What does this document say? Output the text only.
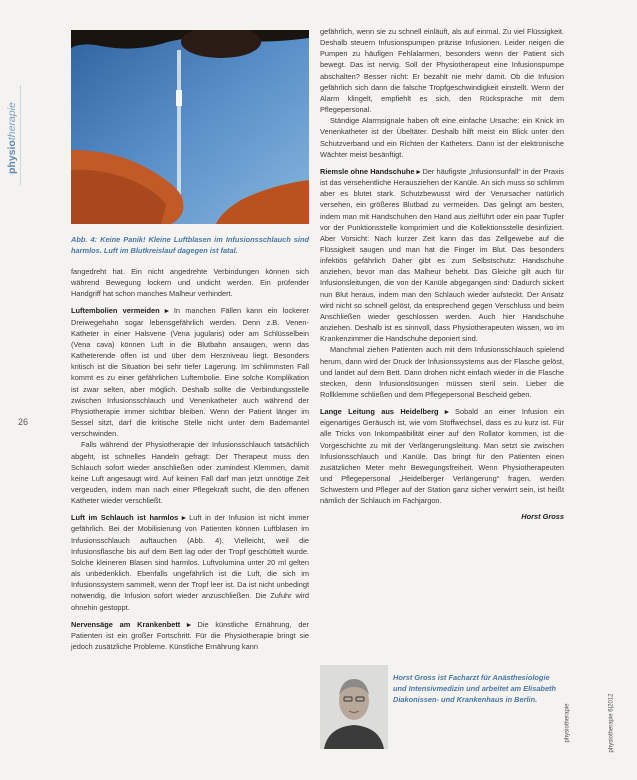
physiotherapie
26

Abb. 4: Keine Panik! Kleine Luftblasen im Infusionsschlauch sind harmlos. Luft im Blutkreislauf dagegen ist fatal.

fangedreht hat. Ein nicht angedrehte Verbindungen können sich während Bewegung lockern und undicht werden. Ein prüfender Handgriff hat schon manches Malheur verhindert.

Luftembolien vermeiden ▸ In manchen Fällen kann ein lockerer Dreiwegehahn sogar lebensgefährlich werden. Denn z.B. Venen-Katheter in einer Halsvene (Vena jugularis) oder am Schlüsselbein (Vena cava) können Luft in die Blutbahn ansaugen, wenn das Katheterende offen ist und über dem Herzniveau liegt. Besonders kritisch ist die Situation bei sehr tiefer Lagerung. Im schlimmsten Fall kommt es zu einer gefährlichen Luftembolie. Eine solche Komplikation ist zwar selten, aber möglich. Deshalb sollte die Verbindungsstelle zwischen Infusionsschlauch und Venenkatheter auch während der Physiotherapie immer sichtbar bleiben. Wenn der Patient länger im Sessel sitzt, darf die kritische Stelle nicht unter dem Bademantel verschwinden.

Falls während der Physiotherapie der Infusionsschlauch tatsächlich abgeht, ist schnelles Handeln gefragt: Der Therapeut muss den Schlauch sofort wieder anschließen oder zumindest Klemmen, damit keine Luft angesaugt wird. Auf keinen Fall darf man jetzt unnötige Zeit vergeuden, indem man nach einer Pflegekraft sucht, die den offenen Katheter wieder verschließt.

Luft im Schlauch ist harmlos ▸ Luft in der Infusion ist nicht immer gefährlich. Bei der Mobilisierung von Patienten können Luftblasen im Infusionsschlauch auftauchen (Abb. 4). Vielleicht, weil die Infusionsflasche bis auf dem Bett lag oder der Tropf geschüttelt wurde. Solche kleineren Blasen sind harmlos. Luftvolumina unter 20 ml gelten als unbedenklich. Ebenfalls ungefährlich ist die Luft, die sich im Infusionssystem sammelt, wenn der Tropf leer ist. Da ist nicht unbedingt notwendig, die Infusion sofort wieder anzuschließen. Die Zufuhr wird ohnehin gestoppt.

Nervensäge am Krankenbett ▸ Die künstliche Ernährung, der Patienten ist ein großer Fortschritt. Für die Physiotherapie bringt sie jedoch zusätzliche Probleme. Künstliche Ernährung kann

gefährlich, wenn sie zu schnell einläuft, als auf einmal. Zu viel Flüssigkeit. Deshalb steuern Infusionspumpen präzise Infusionen. Leider neigen die Pumpen zu häufigen Fehlalarmen, besonders wenn der Patient sich bewegt. Das ist nervig. Soll der Physiotherapeut eine Infusionspumpe abschalten? Besser nicht: Er bezahlt nie mehr damit. Ob die Infusion gefährlich sich dann die falsche Tropfgeschwindigkeit einstellt. Wenn der Alarm klingelt, empfiehlt es sich, den Rücksprache mit dem Pflegepersonal.

Ständige Alarmsignale haben oft eine einfache Ursache: ein Knick im Venenkatheter ist der Übeltäter. Deshalb hilft meist ein Blick unter den Schutzverband und ein Richten der Katheters. Dann ist der elektronische Wächter meist besänftigt.

Riemsle ohne Handschuhe ▸ Der häufigste „Infusionsunfall“ in der Praxis ist das versehentliche Herausziehen der Kanüle. An sich muss so schlimm aber es blutet stark. Schutzbewusst wird der Verursacher natürlich versehen, ein größeres Blutbad zu vermeiden. Das gelingt am besten, indem man mit Handschuhen den Hand aus zielführt oder ein paar Tupfer vor der Punktionsstelle komprimiert und die Kollektionsstelle desinfiziert. Aber Vorsicht: Nach kurzer Zeit kann das das Zellgewebe auf die Flüssigkeit saugen und man hat die Finger im Blut. Das besonders infektiös gefährlich Daher gibt es zum Selbstschutz: Handschuhe anziehen, bevor man das Malheur behebt. Das Gleiche gilt auch für Infusionsleitungen, die von der Kanüle abgegangen sind: Dadurch sickert nun Blut heraus, indem man den Schlauch wieder aufsteckt. Der Ansatz wird nicht so schnell gelöst, da entsprechend gegen Verschluss und beim Anschließen wieder geschlossen werden. Auch hier Handschuhe anziehen. Deshalb ist es sinnvoll, dass Physiotherapeuten wissen, wo im Krankenzimmer die Handschuhe deponiert sind.

Manchmal ziehen Patienten auch mit dem Infusionsschlauch spielend herum, dann wird der Druck der Infusionssystems aus der Flasche gelöst, und landet auf dem Bett. Dann drohen nicht einfach wieder in die Flasche stecken, denn Infusionslösungen müssen steril sein. Lieber die Rollklemme schließen und dem Pflegepersonal Bescheid geben.

Lange Leitung aus Heidelberg ▸ Sobald an einer Infusion ein eigenartiges Geräusch ist, wie vom Stoffwechsel, dass es zu kurz ist. Für alle Tricks von Inkompatibilität einer auf den Rollator kommen, ist die Vorgeschichte zu mit der Verlängerungsleitung. Man setzt sie zwischen Infusionsschlauch und Kanüle. Das bringt für den Patienten einen zusätzlichen Meter mehr Bewegungsfreiheit. Wenn Physiotherapeuten und Pflegepersonal „Heidelberger Verlängerung“ fragen, werden Schwestern und Pfleger auf der Station ganz sicher verwirrt sein, ist heißt nämlich der Schlauch im Fachjargon.

Horst Gross

Horst Gross ist Facharzt für Anästhesiologie und Intensivmedizin und arbeitet am Elisabeth Diakonissen- und Krankenhaus in Berlin.
physiotherapie	physiotherapie 6|2012
